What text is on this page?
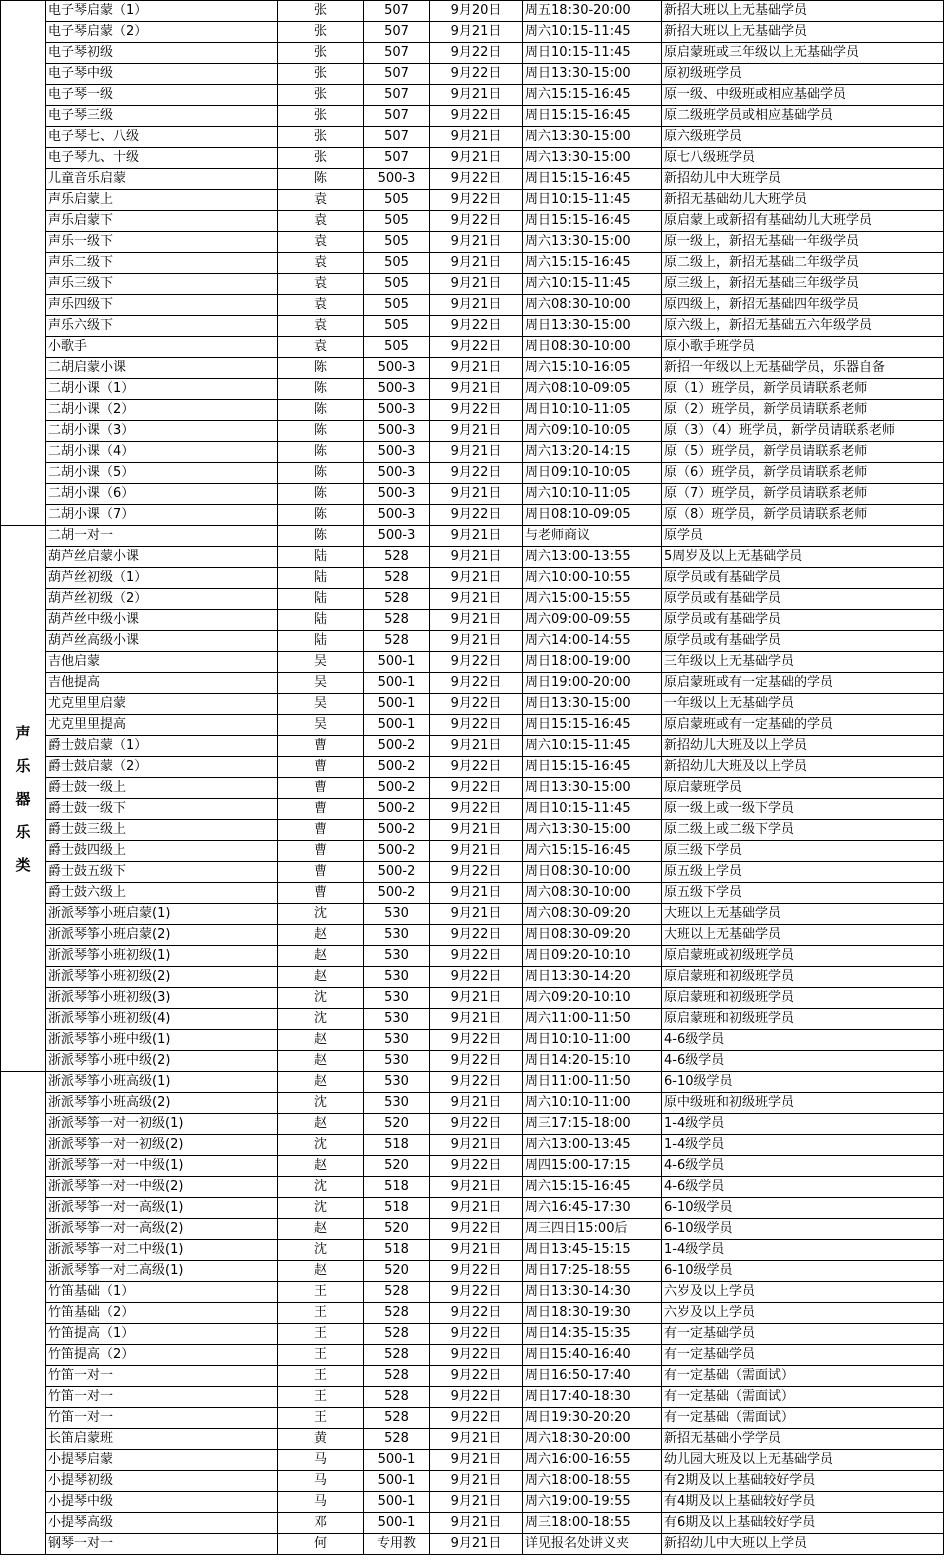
	电子琴启蒙（1）	张	507	9月20日	周五18:30-20:00	新招大班以上无基础学员
	电子琴启蒙（2）	张	507	9月21日	周六10:15-11:45	新招大班以上无基础学员
	电子琴初级	张	507	9月22日	周日10:15-11:45	原启蒙班或三年级以上无基础学员
	电子琴中级	张	507	9月22日	周日13:30-15:00	原初级班学员
	电子琴一级	张	507	9月21日	周六15:15-16:45	原一级、中级班或相应基础学员
	电子琴三级	张	507	9月22日	周日15:15-16:45	原二级班学员或相应基础学员
	电子琴七、八级	张	507	9月21日	周六13:30-15:00	原六级班学员
	电子琴九、十级	张	507	9月21日	周六13:30-15:00	原七八级班学员
	儿童音乐启蒙	陈	500-3	9月22日	周日15:15-16:45	新招幼儿中大班学员
	声乐启蒙上	袁	505	9月22日	周日10:15-11:45	新招无基础幼儿大班学员
	声乐启蒙下	袁	505	9月22日	周日15:15-16:45	原启蒙上或新招有基础幼儿大班学员
	声乐一级下	袁	505	9月21日	周六13:30-15:00	原一级上，新招无基础一年级学员
	声乐二级下	袁	505	9月21日	周六15:15-16:45	原二级上，新招无基础二年级学员
	声乐三级下	袁	505	9月21日	周六10:15-11:45	原三级上，新招无基础三年级学员
	声乐四级下	袁	505	9月21日	周六08:30-10:00	原四级上，新招无基础四年级学员
	声乐六级下	袁	505	9月22日	周日13:30-15:00	原六级上，新招无基础五六年级学员
	小歌手	袁	505	9月22日	周日08:30-10:00	原小歌手班学员
	二胡启蒙小课	陈	500-3	9月21日	周六15:10-16:05	新招一年级以上无基础学员，乐器自备
	二胡小课（1）	陈	500-3	9月21日	周六08:10-09:05	原（1）班学员，新学员请联系老师
	二胡小课（2）	陈	500-3	9月22日	周日10:10-11:05	原（2）班学员，新学员请联系老师
	二胡小课（3）	陈	500-3	9月21日	周六09:10-10:05	原（3）（4）班学员，新学员请联系老师
	二胡小课（4）	陈	500-3	9月21日	周六13:20-14:15	原（5）班学员，新学员请联系老师
	二胡小课（5）	陈	500-3	9月22日	周日09:10-10:05	原（6）班学员，新学员请联系老师
	二胡小课（6）	陈	500-3	9月21日	周六10:10-11:05	原（7）班学员，新学员请联系老师
	二胡小课（7）	陈	500-3	9月22日	周日08:10-09:05	原（8）班学员，新学员请联系老师

声
乐
器
乐
类	二胡一对一	陈	500-3	9月21日	与老师商议	原学员
	葫芦丝启蒙小课	陆	528	9月21日	周六13:00-13:55	5周岁及以上无基础学员
	葫芦丝初级（1）	陆	528	9月21日	周六10:00-10:55	原学员或有基础学员
	葫芦丝初级（2）	陆	528	9月21日	周六15:00-15:55	原学员或有基础学员
	葫芦丝中级小课	陆	528	9月21日	周六09:00-09:55	原学员或有基础学员
	葫芦丝高级小课	陆	528	9月21日	周六14:00-14:55	原学员或有基础学员
	吉他启蒙	吴	500-1	9月22日	周日18:00-19:00	三年级以上无基础学员
	吉他提高	吴	500-1	9月22日	周日19:00-20:00	原启蒙班或有一定基础的学员
	尤克里里启蒙	吴	500-1	9月22日	周日13:30-15:00	一年级以上无基础学员
	尤克里里提高	吴	500-1	9月22日	周日15:15-16:45	原启蒙班或有一定基础的学员
	爵士鼓启蒙（1）	曹	500-2	9月21日	周六10:15-11:45	新招幼儿大班及以上学员
	爵士鼓启蒙（2）	曹	500-2	9月22日	周日15:15-16:45	新招幼儿大班及以上学员
	爵士鼓一级上	曹	500-2	9月22日	周日13:30-15:00	原启蒙班学员
	爵士鼓一级下	曹	500-2	9月22日	周日10:15-11:45	原一级上或一级下学员
	爵士鼓三级上	曹	500-2	9月21日	周六13:30-15:00	原二级上或二级下学员
	爵士鼓四级上	曹	500-2	9月21日	周六15:15-16:45	原三级下学员
	爵士鼓五级下	曹	500-2	9月22日	周日08:30-10:00	原五级上学员
	爵士鼓六级上	曹	500-2	9月21日	周六08:30-10:00	原五级下学员
	浙派琴筝小班启蒙(1)	沈	530	9月21日	周六08:30-09:20	大班以上无基础学员
	浙派琴筝小班启蒙(2)	赵	530	9月22日	周日08:30-09:20	大班以上无基础学员
	浙派琴筝小班初级(1)	赵	530	9月22日	周日09:20-10:10	原启蒙班或初级班学员
	浙派琴筝小班初级(2)	赵	530	9月22日	周日13:30-14:20	原启蒙班和初级班学员
	浙派琴筝小班初级(3)	沈	530	9月21日	周六09:20-10:10	原启蒙班和初级班学员
	浙派琴筝小班初级(4)	沈	530	9月21日	周六11:00-11:50	原启蒙班和初级班学员
	浙派琴筝小班中级(1)	赵	530	9月22日	周日10:10-11:00	4-6级学员
	浙派琴筝小班中级(2)	赵	530	9月22日	周日14:20-15:10	4-6级学员
	浙派琴筝小班高级(1)	赵	530	9月22日	周日11:00-11:50	6-10级学员
	浙派琴筝小班高级(2)	沈	530	9月21日	周六10:10-11:00	原中级班和初级班学员
	浙派琴筝一对一初级(1)	赵	520	9月22日	周三17:15-18:00	1-4级学员
	浙派琴筝一对一初级(2)	沈	518	9月21日	周六13:00-13:45	1-4级学员
	浙派琴筝一对一中级(1)	赵	520	9月22日	周四15:00-17:15	4-6级学员
	浙派琴筝一对一中级(2)	沈	518	9月21日	周六15:15-16:45	4-6级学员
	浙派琴筝一对一高级(1)	沈	518	9月21日	周六16:45-17:30	6-10级学员
	浙派琴筝一对一高级(2)	赵	520	9月22日	周三四日15:00后	6-10级学员
	浙派琴筝一对二中级(1)	沈	518	9月21日	周日13:45-15:15	1-4级学员
	浙派琴筝一对二高级(1)	赵	520	9月22日	周日17:25-18:55	6-10级学员
	竹笛基础（1）	王	528	9月22日	周日13:30-14:30	六岁及以上学员
	竹笛基础（2）	王	528	9月22日	周日18:30-19:30	六岁及以上学员
	竹笛提高（1）	王	528	9月22日	周日14:35-15:35	有一定基础学员
	竹笛提高（2）	王	528	9月22日	周日15:40-16:40	有一定基础学员
	竹笛一对一	王	528	9月22日	周日16:50-17:40	有一定基础（需面试）
	竹笛一对一	王	528	9月22日	周日17:40-18:30	有一定基础（需面试）
	竹笛一对一	王	528	9月22日	周日19:30-20:20	有一定基础（需面试）
	长笛启蒙班	黄	528	9月21日	周六18:30-20:00	新招无基础小学学员
	小提琴启蒙	马	500-1	9月21日	周六16:00-16:55	幼儿园大班及以上无基础学员
	小提琴初级	马	500-1	9月21日	周六18:00-18:55	有2期及以上基础较好学员
	小提琴中级	马	500-1	9月21日	周六19:00-19:55	有4期及以上基础较好学员
	小提琴高级	邓	500-1	9月21日	周三18:00-18:55	有6期及以上基础较好学员
	钢琴一对一	何	专用教	9月21日	详见报名处讲义夹	新招幼儿中大班以上学员
